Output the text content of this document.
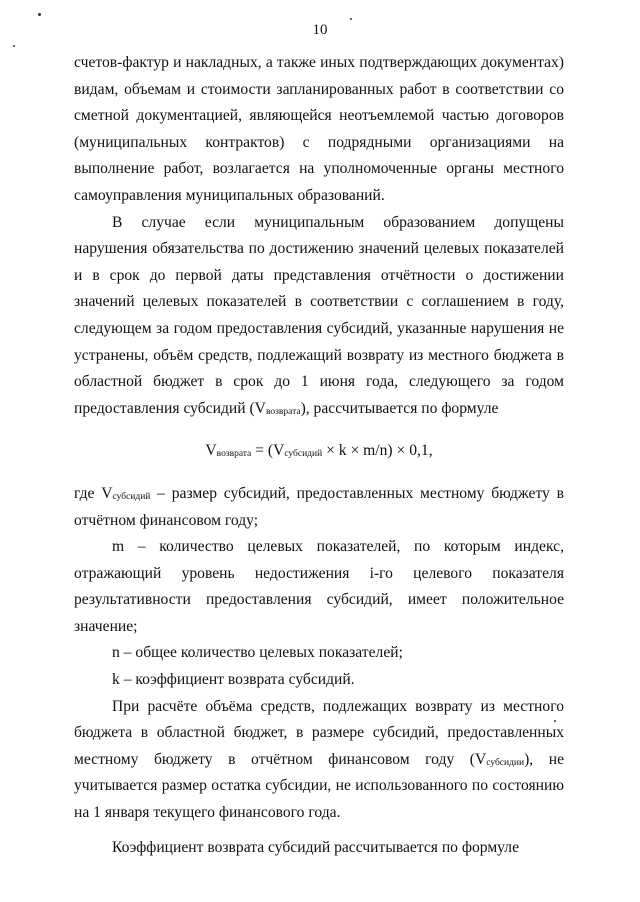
10

счетов-фактур и накладных, а также иных подтверждающих документах) видам, объемам и стоимости запланированных работ в соответствии со сметной документацией, являющейся неотъемлемой частью договоров (муниципальных контрактов) с подрядными организациями на выполнение работ, возлагается на уполномоченные органы местного самоуправления муниципальных образований.

В случае если муниципальным образованием допущены нарушения обязательства по достижению значений целевых показателей и в срок до первой даты представления отчётности о достижении значений целевых показателей в соответствии с соглашением в году, следующем за годом предоставления субсидий, указанные нарушения не устранены, объём средств, подлежащий возврату из местного бюджета в областной бюджет в срок до 1 июня года, следующего за годом предоставления субсидий $(V_{возврата})$, рассчитывается по формуле

$V_{возврата} = (V_{субсидий} \times k \times m/n) \times 0,1$,

где $V_{субсидий}$ – размер субсидий, предоставленных местному бюджету в отчётном финансовом году;

m – количество целевых показателей, по которым индекс, отражающий уровень недостижения i-го целевого показателя результативности предоставления субсидий, имеет положительное значение;

n – общее количество целевых показателей;

k – коэффициент возврата субсидий.

При расчёте объёма средств, подлежащих возврату из местного бюджета в областной бюджет, в размере субсидий, предоставленных местному бюджету в отчётном финансовом году $(V_{субсидии})$, не учитывается размер остатка субсидии, не использованного по состоянию на 1 января текущего финансового года.

Коэффициент возврата субсидий рассчитывается по формуле
